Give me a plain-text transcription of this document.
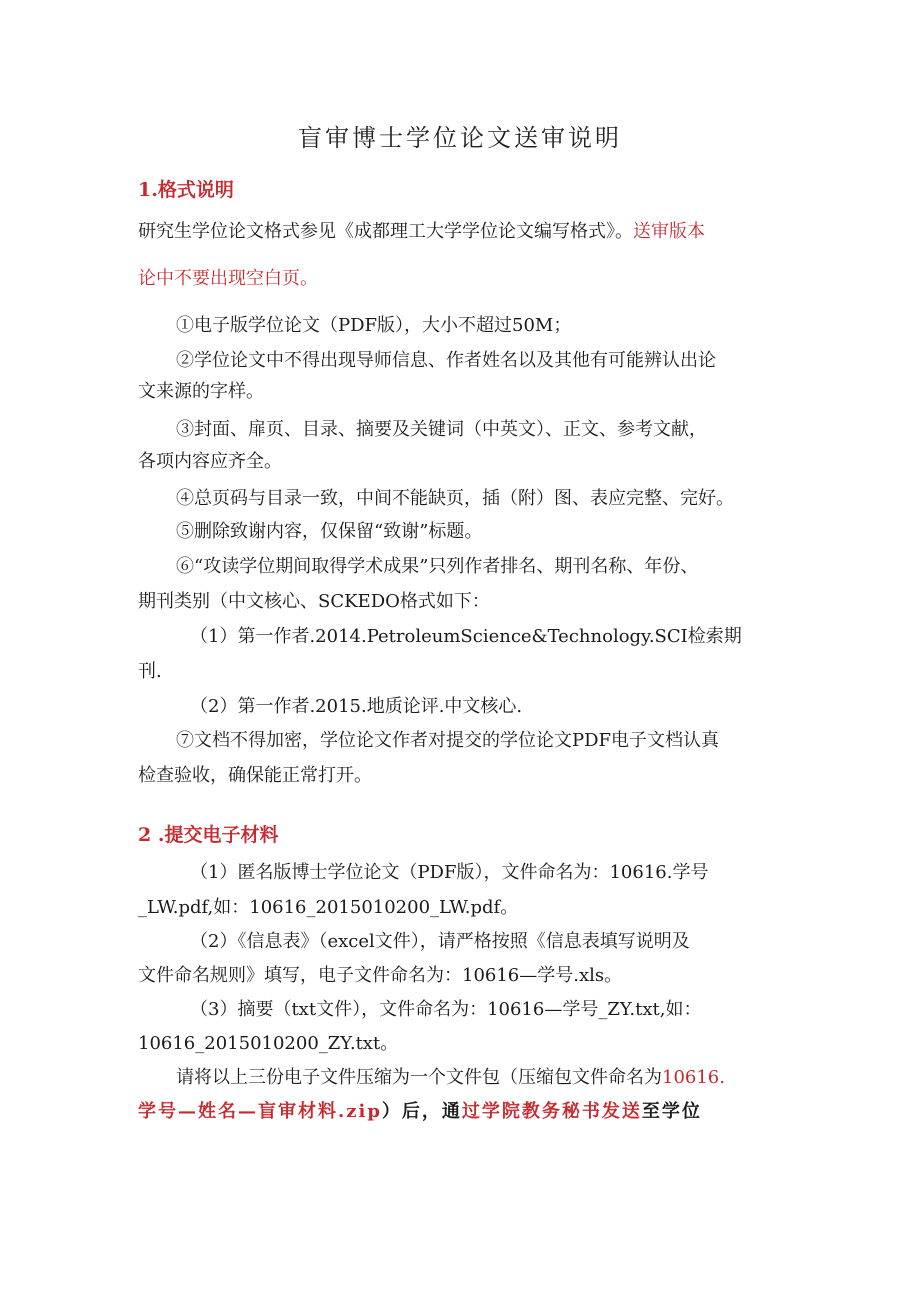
盲审博士学位论文送审说明
1.格式说明
研究生学位论文格式参见《成都理工大学学位论文编写格式》。送审版本
论中不要出现空白页。
①电子版学位论文（PDF版），大小不超过50M；
②学位论文中不得出现导师信息、作者姓名以及其他有可能辨认出论
文来源的字样。
③封面、扉页、目录、摘要及关键词（中英文）、正文、参考文献，
各项内容应齐全。
④总页码与目录一致，中间不能缺页，插（附）图、表应完整、完好。
⑤删除致谢内容，仅保留“致谢”标题。
⑥“攻读学位期间取得学术成果”只列作者排名、期刊名称、年份、
期刊类别（中文核心、SCKEDO格式如下：
（1）第一作者.2014.PetroleumScience&Technology.SCI检索期
刊.
（2）第一作者.2015.地质论评.中文核心.
⑦文档不得加密，学位论文作者对提交的学位论文PDF电子文档认真
检查验收，确保能正常打开。
2 .提交电子材料
（1）匿名版博士学位论文（PDF版），文件命名为：10616.学号
_LW.pdf,如：10616_2015010200_LW.pdf。
（2）《信息表》（excel文件），请严格按照《信息表填写说明及
文件命名规则》填写，电子文件命名为：10616—学号.xls。
（3）摘要（txt文件），文件命名为：10616—学号_ZY.txt,如：
10616_2015010200_ZY.txt。
请将以上三份电子文件压缩为一个文件包（压缩包文件命名为10616.
学号—姓名—盲审材料.zip）后，通过学院教务秘书发送至学位
